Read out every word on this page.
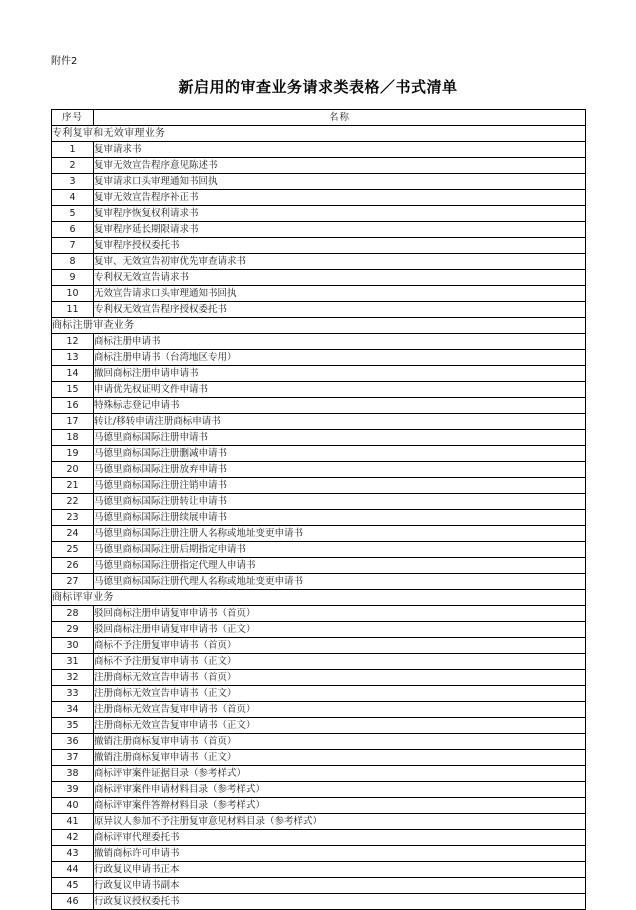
附件2
新启用的审查业务请求类表格／书式清单
序号	名称
专利复审和无效审理业务	
1	复审请求书
2	复审无效宣告程序意见陈述书
3	复审请求口头审理通知书回执
4	复审无效宣告程序补正书
5	复审程序恢复权利请求书
6	复审程序延长期限请求书
7	复审程序授权委托书
8	复审、无效宣告初审优先审查请求书
9	专利权无效宣告请求书
10	无效宣告请求口头审理通知书回执
11	专利权无效宣告程序授权委托书
商标注册审查业务	
12	商标注册申请书
13	商标注册申请书（台湾地区专用）
14	撤回商标注册申请申请书
15	申请优先权证明文件申请书
16	特殊标志登记申请书
17	转让/移转申请注册商标申请书
18	马德里商标国际注册申请书
19	马德里商标国际注册删减申请书
20	马德里商标国际注册放弃申请书
21	马德里商标国际注册注销申请书
22	马德里商标国际注册转让申请书
23	马德里商标国际注册续展申请书
24	马德里商标国际注册注册人名称或地址变更申请书
25	马德里商标国际注册后期指定申请书
26	马德里商标国际注册指定代理人申请书
27	马德里商标国际注册代理人名称或地址变更申请书
商标评审业务	
28	驳回商标注册申请复审申请书（首页）
29	驳回商标注册申请复审申请书（正文）
30	商标不予注册复审申请书（首页）
31	商标不予注册复审申请书（正文）
32	注册商标无效宣告申请书（首页）
33	注册商标无效宣告申请书（正文）
34	注册商标无效宣告复审申请书（首页）
35	注册商标无效宣告复审申请书（正文）
36	撤销注册商标复审申请书（首页）
37	撤销注册商标复审申请书（正文）
38	商标评审案件证据目录（参考样式）
39	商标评审案件申请材料目录（参考样式）
40	商标评审案件答辩材料目录（参考样式）
41	原异议人参加不予注册复审意见材料目录（参考样式）
42	商标评审代理委托书
43	撤销商标许可申请书
44	行政复议申请书正本
45	行政复议申请书副本
46	行政复议授权委托书
